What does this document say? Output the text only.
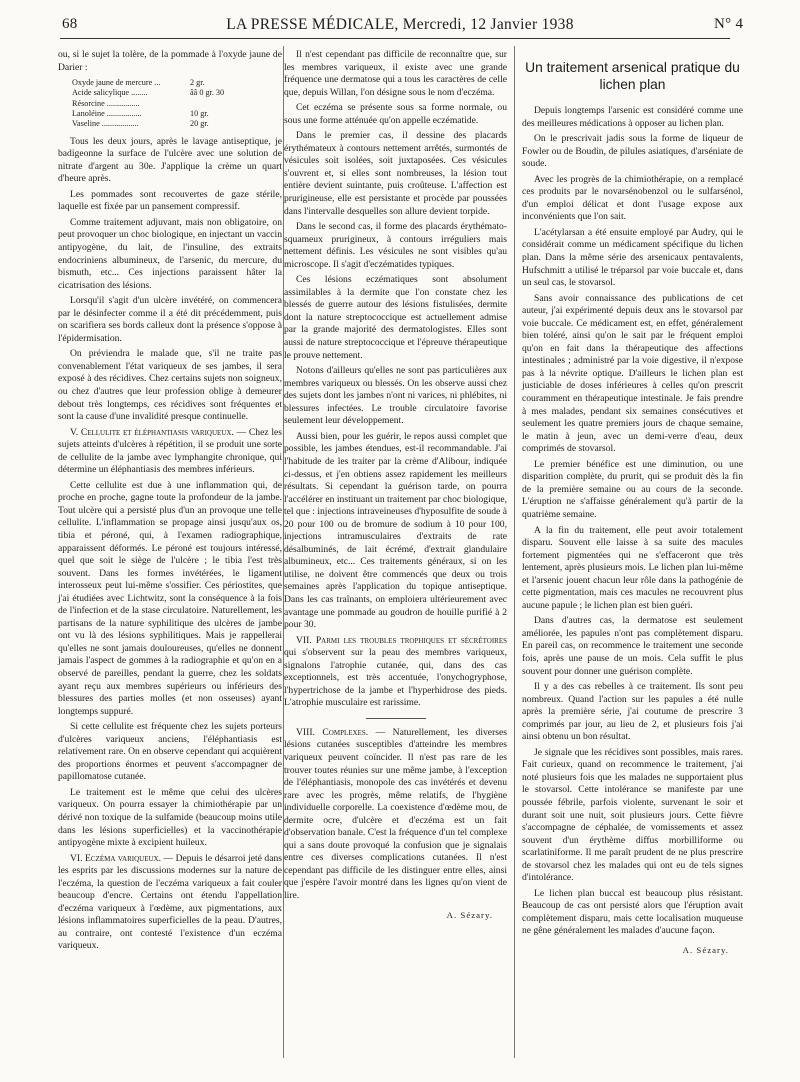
68	LA PRESSE MÉDICALE, Mercredi, 12 Janvier 1938	N° 4

ou, si le sujet la tolère, de la pommade à l'oxyde jaune de Darier :

Oxyde jaune de mercure ...	2 gr.
Acide salicylique ........	ââ 0 gr. 30
Résorcine ................
Lanoléine .................	10 gr.
Vaseline ..................	20 gr.

Tous les deux jours, après le lavage antiseptique, je badigeonne la surface de l'ulcère avec une solution de nitrate d'argent au 30e. J'applique la crème un quart d'heure après.

Les pommades sont recouvertes de gaze stérile, laquelle est fixée par un pansement compressif.

Comme traitement adjuvant, mais non obligatoire, on peut provoquer un choc biologique, en injectant un vaccin antipyogène, du lait, de l'insuline, des extraits endocriniens albumineux, de l'arsenic, du mercure, du bismuth, etc... Ces injections paraissent hâter la cicatrisation des lésions.

Lorsqu'il s'agit d'un ulcère invétéré, on commencera par le désinfecter comme il a été dit précédemment, puis on scarifiera ses bords calleux dont la présence s'oppose à l'épidermisation.

On préviendra le malade que, s'il ne traite pas convenablement l'état variqueux de ses jambes, il sera exposé à des récidives. Chez certains sujets non soigneux, ou chez d'autres que leur profession oblige à demeurer debout très longtemps, ces récidives sont fréquentes et sont la cause d'une invalidité presque continuelle.

V. Cellulite et éléphantiasis variqueux. — Chez les sujets atteints d'ulcères à répétition, il se produit une sorte de cellulite de la jambe avec lymphangite chronique, qui détermine un éléphantiasis des membres inférieurs.

Cette cellulite est due à une inflammation qui, de proche en proche, gagne toute la profondeur de la jambe. Tout ulcère qui a persisté plus d'un an provoque une telle cellulite. L'inflammation se propage ainsi jusqu'aux os, tibia et péroné, qui, à l'examen radiographique, apparaissent déformés. Le péroné est toujours intéressé, quel que soit le siège de l'ulcère ; le tibia l'est très souvent. Dans les formes invétérées, le ligament interosseux peut lui-même s'ossifier. Ces périostites, que j'ai étudiées avec Lichtwitz, sont la conséquence à la fois de l'infection et de la stase circulatoire. Naturellement, les partisans de la nature syphilitique des ulcères de jambe ont vu là des lésions syphilitiques. Mais je rappellerai qu'elles ne sont jamais douloureuses, qu'elles ne donnent jamais l'aspect de gommes à la radiographie et qu'on en a observé de pareilles, pendant la guerre, chez les soldats ayant reçu aux membres supérieurs ou inférieurs des blessures des parties molles (et non osseuses) ayant longtemps suppuré.

Si cette cellulite est fréquente chez les sujets porteurs d'ulcères variqueux anciens, l'éléphantiasis est relativement rare. On en observe cependant qui acquièrent des proportions énormes et peuvent s'accompagner de papillomatose cutanée.

Le traitement est le même que celui des ulcères variqueux. On pourra essayer la chimiothérapie par un dérivé non toxique de la sulfamide (beaucoup moins utile dans les lésions superficielles) et la vaccinothérapie antipyogène mixte à excipient huileux.

VI. Eczéma variqueux. — Depuis le désarroi jeté dans les esprits par les discussions modernes sur la nature de l'eczéma, la question de l'eczéma variqueux a fait couler beaucoup d'encre. Certains ont étendu l'appellation d'eczéma variqueux à l'œdème, aux pigmentations, aux lésions inflammatoires superficielles de la peau. D'autres, au contraire, ont contesté l'existence d'un eczéma variqueux.

Il n'est cependant pas difficile de reconnaître que, sur les membres variqueux, il existe avec une grande fréquence une dermatose qui a tous les caractères de celle que, depuis Willan, l'on désigne sous le nom d'eczéma.

Cet eczéma se présente sous sa forme normale, ou sous une forme atténuée qu'on appelle eczématide.

Dans le premier cas, il dessine des placards érythémateux à contours nettement arrêtés, surmontés de vésicules soit isolées, soit juxtaposées. Ces vésicules s'ouvrent et, si elles sont nombreuses, la lésion tout entière devient suintante, puis croûteuse. L'affection est prurigineuse, elle est persistante et procède par poussées dans l'intervalle desquelles son allure devient torpide.

Dans le second cas, il forme des placards érythémato-squameux prurigineux, à contours irréguliers mais nettement définis. Les vésicules ne sont visibles qu'au microscope. Il s'agit d'eczématides typiques.

Ces lésions eczématiques sont absolument assimilables à la dermite que l'on constate chez les blessés de guerre autour des lésions fistulisées, dermite dont la nature streptococcique est actuellement admise par la grande majorité des dermatologistes. Elles sont aussi de nature streptococcique et l'épreuve thérapeutique le prouve nettement.

Notons d'ailleurs qu'elles ne sont pas particulières aux membres variqueux ou blessés. On les observe aussi chez des sujets dont les jambes n'ont ni varices, ni phlébites, ni blessures infectées. Le trouble circulatoire favorise seulement leur développement.

Aussi bien, pour les guérir, le repos aussi complet que possible, les jambes étendues, est-il recommandable. J'ai l'habitude de les traiter par la crème d'Alibour, indiquée ci-dessus, et j'en obtiens assez rapidement les meilleurs résultats. Si cependant la guérison tarde, on pourra l'accélérer en instituant un traitement par choc biologique, tel que : injections intraveineuses d'hyposulfite de soude à 20 pour 100 ou de bromure de sodium à 10 pour 100, injections intramusculaires d'extraits de rate désalbuminés, de lait écrémé, d'extrait glandulaire albumineux, etc... Ces traitements généraux, si on les utilise, ne doivent être commencés que deux ou trois semaines après l'application du topique antiseptique. Dans les cas traînants, on emploiera ultérieurement avec avantage une pommade au goudron de houille purifié à 2 pour 30.

VII. Parmi les troubles trophiques et sécrétoires qui s'observent sur la peau des membres variqueux, signalons l'atrophie cutanée, qui, dans des cas exceptionnels, est très accentuée, l'onychogryphose, l'hypertrichose de la jambe et l'hyperhidrose des pieds. L'atrophie musculaire est rarissime.

VIII. Complexes. — Naturellement, les diverses lésions cutanées susceptibles d'atteindre les membres variqueux peuvent coïncider. Il n'est pas rare de les trouver toutes réunies sur une même jambe, à l'exception de l'éléphantiasis, monopole des cas invétérés et devenu rare avec les progrès, même relatifs, de l'hygiène individuelle corporelle. La coexistence d'œdème mou, de dermite ocre, d'ulcère et d'eczéma est un fait d'observation banale. C'est la fréquence d'un tel complexe qui a sans doute provoqué la confusion que je signalais entre ces diverses complications cutanées. Il n'est cependant pas difficile de les distinguer entre elles, ainsi que j'espère l'avoir montré dans les lignes qu'on vient de lire.

A. Sézary.
Un traitement arsenical pratique du lichen plan

Depuis longtemps l'arsenic est considéré comme une des meilleures médications à opposer au lichen plan.

On le prescrivait jadis sous la forme de liqueur de Fowler ou de Boudin, de pilules asiatiques, d'arséniate de soude.

Avec les progrès de la chimiothérapie, on a remplacé ces produits par le novarsénobenzol ou le sulfarsénol, d'un emploi délicat et dont l'usage expose aux inconvénients que l'on sait.

L'acétylarsan a été ensuite employé par Audry, qui le considérait comme un médicament spécifique du lichen plan. Dans la même série des arsenicaux pentavalents, Hufschmitt a utilisé le tréparsol par voie buccale et, dans un seul cas, le stovarsol.

Sans avoir connaissance des publications de cet auteur, j'ai expérimenté depuis deux ans le stovarsol par voie buccale. Ce médicament est, en effet, généralement bien toléré, ainsi qu'on le sait par le fréquent emploi qu'on en fait dans la thérapeutique des affections intestinales ; administré par la voie digestive, il n'expose pas à la névrite optique. D'ailleurs le lichen plan est justiciable de doses inférieures à celles qu'on prescrit couramment en thérapeutique intestinale. Je fais prendre à mes malades, pendant six semaines consécutives et seulement les quatre premiers jours de chaque semaine, le matin à jeun, avec un demi-verre d'eau, deux comprimés de stovarsol.

Le premier bénéfice est une diminution, ou une disparition complète, du prurit, qui se produit dès la fin de la première semaine ou au cours de la seconde. L'éruption ne s'affaisse généralement qu'à partir de la quatrième semaine.

A la fin du traitement, elle peut avoir totalement disparu. Souvent elle laisse à sa suite des macules fortement pigmentées qui ne s'effaceront que très lentement, après plusieurs mois. Le lichen plan lui-même et l'arsenic jouent chacun leur rôle dans la pathogénie de cette pigmentation, mais ces macules ne recouvrent plus aucune papule ; le lichen plan est bien guéri.

Dans d'autres cas, la dermatose est seulement améliorée, les papules n'ont pas complètement disparu. En pareil cas, on recommence le traitement une seconde fois, après une pause de un mois. Cela suffit le plus souvent pour donner une guérison complète.

Il y a des cas rebelles à ce traitement. Ils sont peu nombreux. Quand l'action sur les papules a été nulle après la première série, j'ai coutume de prescrire 3 comprimés par jour, au lieu de 2, et plusieurs fois j'ai ainsi obtenu un bon résultat.

Je signale que les récidives sont possibles, mais rares. Fait curieux, quand on recommence le traitement, j'ai noté plusieurs fois que les malades ne supportaient plus le stovarsol. Cette intolérance se manifeste par une poussée fébrile, parfois violente, survenant le soir et durant soit une nuit, soit plusieurs jours. Cette fièvre s'accompagne de céphalée, de vomissements et assez souvent d'un érythème diffus morbilliforme ou scarlatiniforme. Il me paraît prudent de ne plus prescrire de stovarsol chez les malades qui ont eu de tels signes d'intolérance.

Le lichen plan buccal est beaucoup plus résistant. Beaucoup de cas ont persisté alors que l'éruption avait complètement disparu, mais cette localisation muqueuse ne gêne généralement les malades d'aucune façon.

A. Sézary.
